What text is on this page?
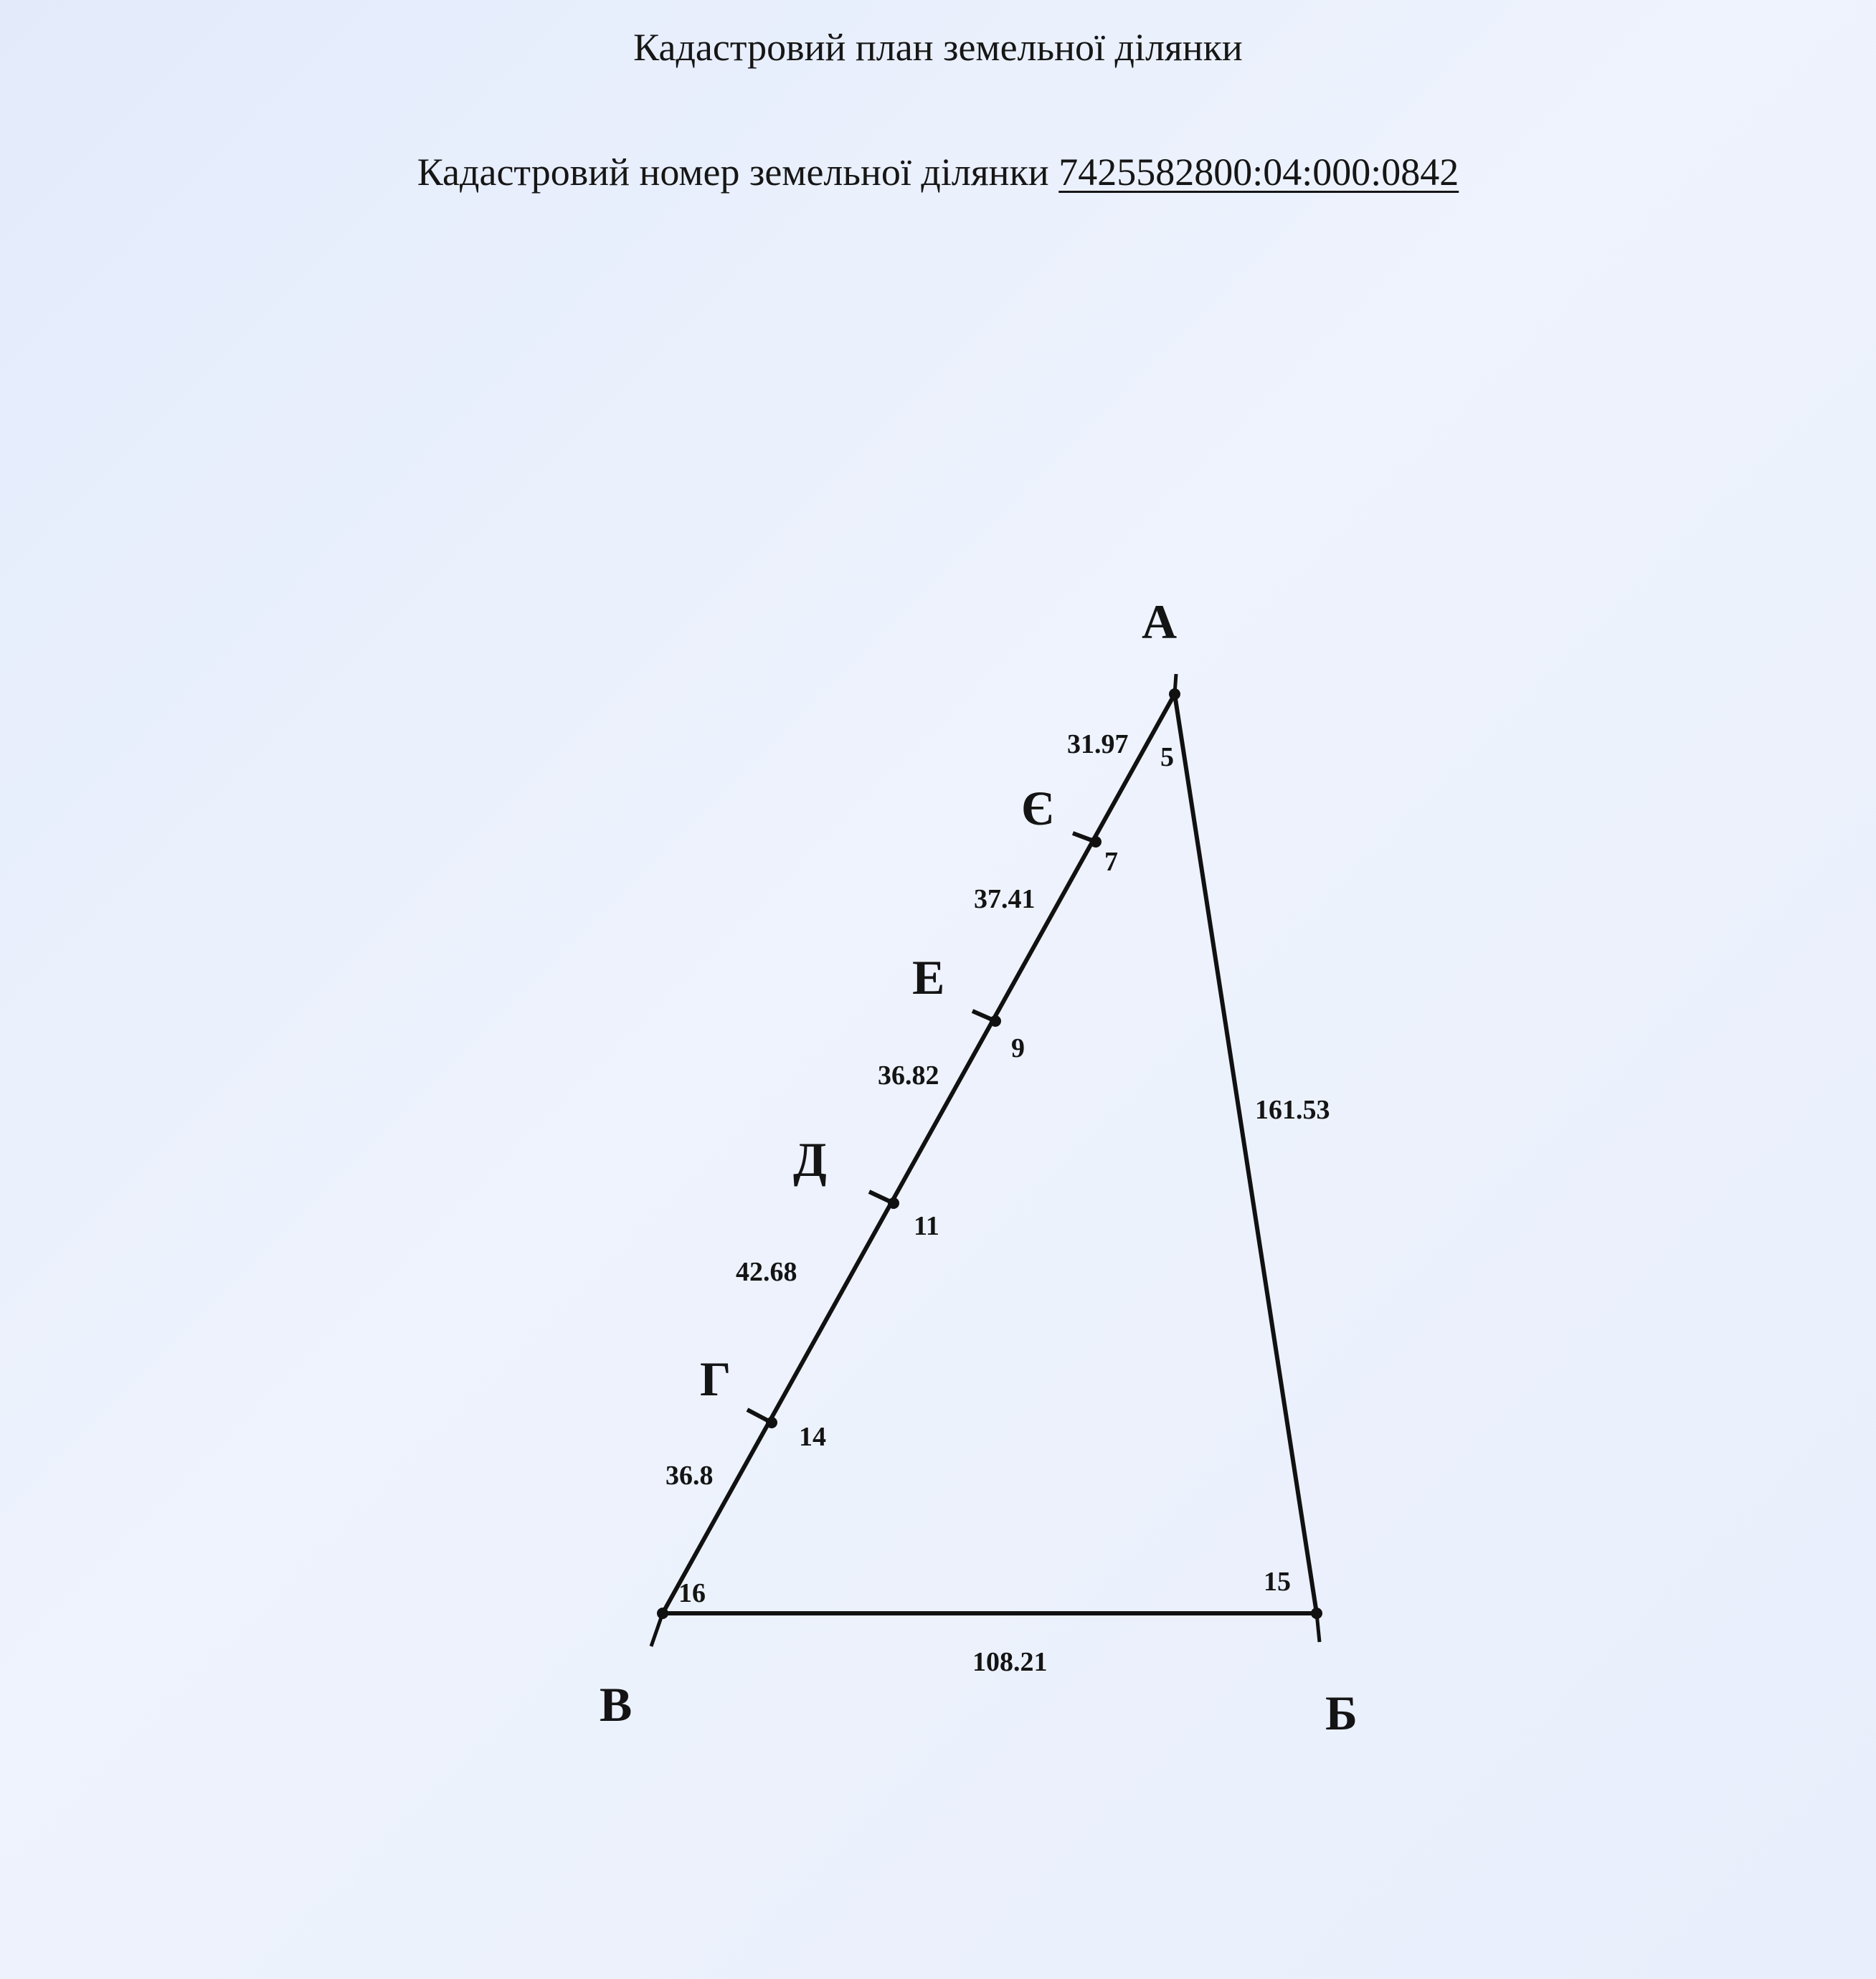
Кадастровий план земельної ділянки
Кадастровий номер земельної ділянки 7425582800:04:000:0842
А
Б
В
Є
Е
Д
Г
5
7
9
11
14
16	15
31.97
37.41
36.82
42.68
36.8
108.21
161.53
